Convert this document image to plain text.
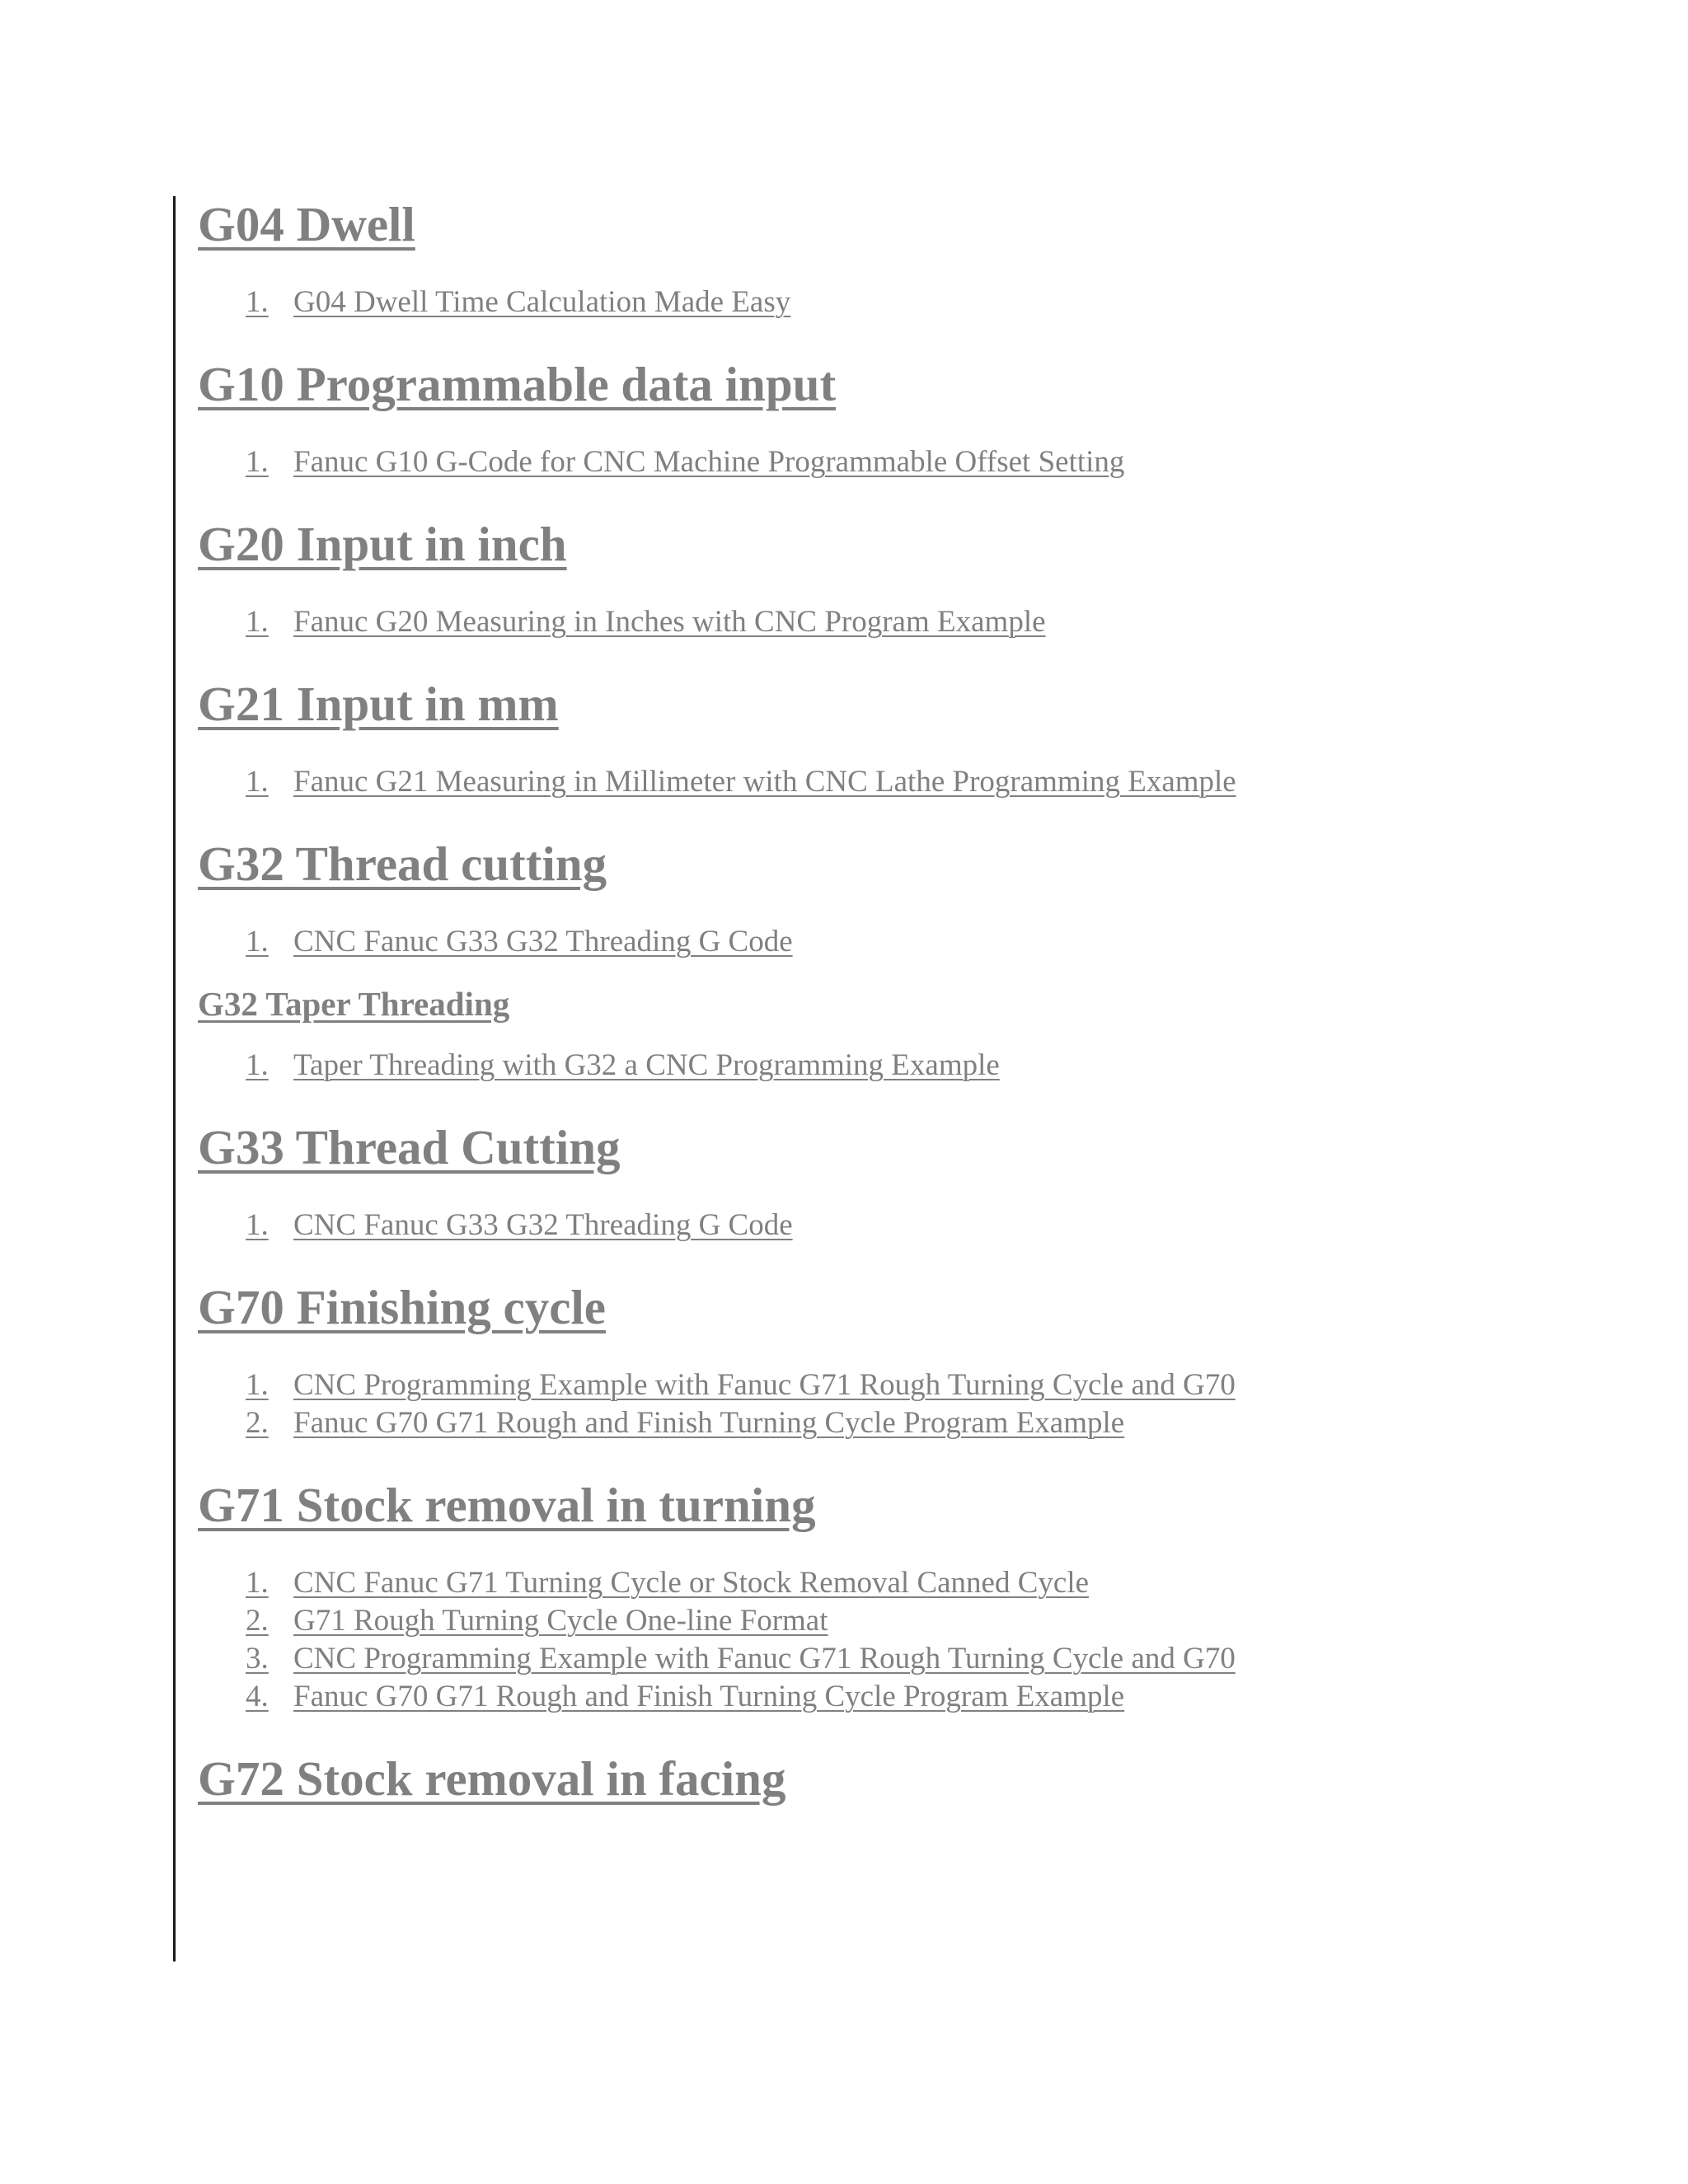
G04 Dwell
1. G04 Dwell Time Calculation Made Easy
G10 Programmable data input
1. Fanuc G10 G-Code for CNC Machine Programmable Offset Setting
G20 Input in inch
1. Fanuc G20 Measuring in Inches with CNC Program Example
G21 Input in mm
1. Fanuc G21 Measuring in Millimeter with CNC Lathe Programming Example
G32 Thread cutting
1. CNC Fanuc G33 G32 Threading G Code
G32 Taper Threading
1. Taper Threading with G32 a CNC Programming Example
G33 Thread Cutting
1. CNC Fanuc G33 G32 Threading G Code
G70 Finishing cycle
1. CNC Programming Example with Fanuc G71 Rough Turning Cycle and G70
2. Fanuc G70 G71 Rough and Finish Turning Cycle Program Example
G71 Stock removal in turning
1. CNC Fanuc G71 Turning Cycle or Stock Removal Canned Cycle
2. G71 Rough Turning Cycle One-line Format
3. CNC Programming Example with Fanuc G71 Rough Turning Cycle and G70
4. Fanuc G70 G71 Rough and Finish Turning Cycle Program Example
G72 Stock removal in facing
